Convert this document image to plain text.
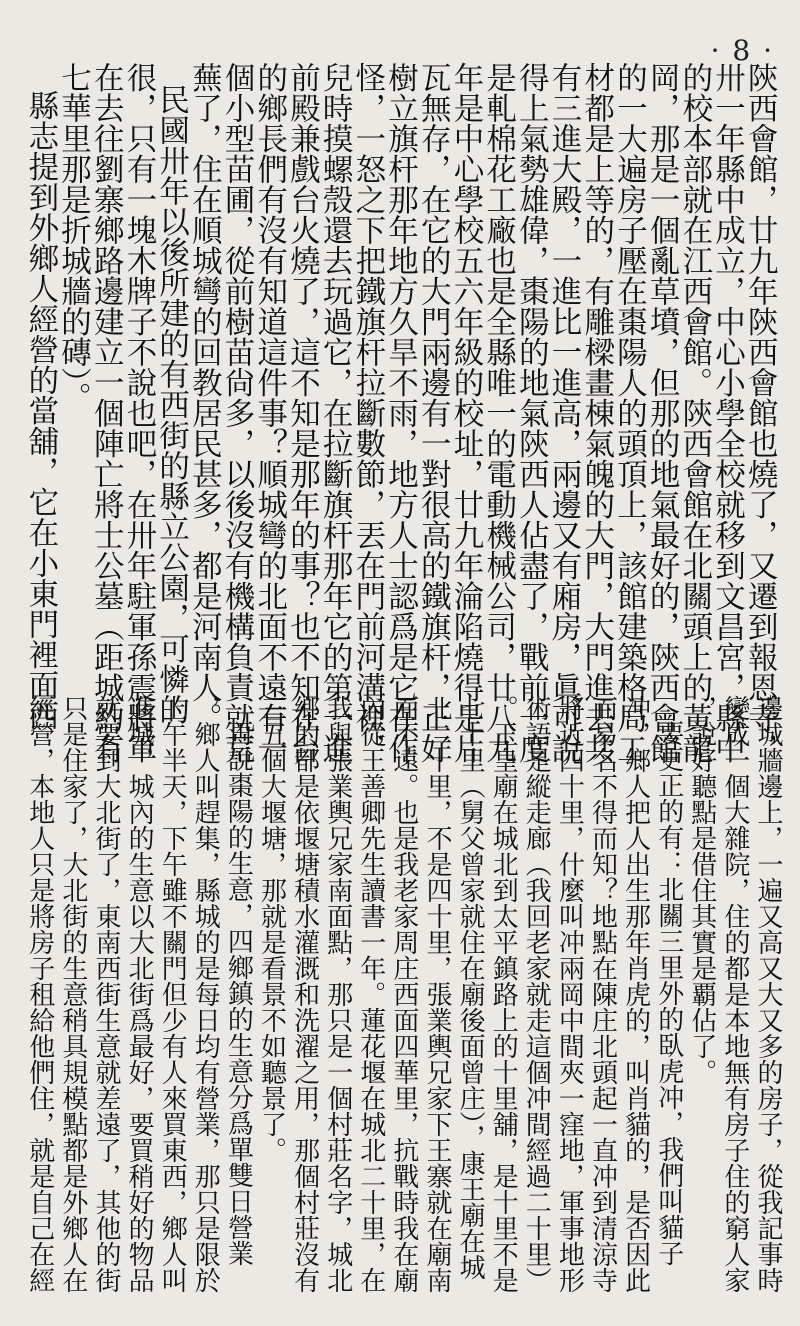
· 8 ·
陝西會館，廿九年陝西會館也燒了，又遷到報恩寺，
卅一年縣中成立，中心小學全校就移到文昌宮，縣中
的校本部就在江西會館。陝西會館在北關頭上的黃龍
岡，那是一個亂草墳，但那的地氣最好的，陝西會館
的一大遍房子壓在棗陽人的頭頂上，該館建築格局工
材都是上等的，有雕樑畫棟氣魄的大門，大門進去共
有三進大殿，一進比一進高，兩邊又有廂房，眞可說
得上氣勢雄偉，棗陽的地氣陝西人佔盡了，戰前一度
是軋棉花工廠也是全縣唯一的電動機械公司，廿八九
年是中心學校五六年級的校址，廿九年淪陷燒得是片
瓦無存，在它的大門兩邊有一對很高的鐵旗杆，正好
樹立旗杆那年地方久旱不雨，地方人士認爲是它在作
怪，一怒之下把鐵旗杆拉斷數節，丟在門前河溝裡，
兒時摸螺殼還去玩過它，在拉斷旗杆那年它的第一進
前殿兼戲台火燒了，這不知是那年的事？也不知在台
的鄉長們有沒有知道這件事？順城彎的北面不遠有一
個小型苗圃，從前樹苗尙多，以後沒有機構負責就荒
蕪了，住在順城彎的回教居民甚多，都是河南人。
民國卅年以後所建的有西街的縣立公園，可憐的
很，只有一塊木牌子不說也吧，在卅年駐軍孫震將軍
在去往劉寨鄉路邊建立一個陣亡將士公墓（距城約有
七華里那是折城牆的磚）。
縣志提到外鄉人經營的當舖，它在小東門裡面西
邊城牆邊上，一遍又高又大又多的房子，從我記事時
變成一個大雜院，住的都是本地無有房子住的窮人家
，說好聽點是借住其實是覇佔了。
要更正的有：北關三里外的臥虎冲，我們叫貓子
冲，鄉人把人出生那年肖虎的，叫肖貓的，是否因此
而易名不得而知？地點在陳庄北頭起一直冲到清涼寺
將近四十里，什麼叫冲兩岡中間夾一窪地，軍事地形
術語是縱走廊（我回老家就走這個冲間經過二十里）
。玉皇廟在城北到太平鎮路上的十里舖，是十里不是
七十里（舅父曾家就住在廟後面曾庄），康王廟在城
北二十里，不是四十里，張業輿兄家下王寨就在廟南
面不遠。也是我老家周庄西面四華里，抗戰時我在廟
內從王善卿先生讀書一年。蓮花堰在城北二十里，在
我與張業輿兄家南面點，那只是一個村莊名字，城北
鄉的都是依堰塘積水灌溉和洗濯之用，那個村莊沒有
三五個大堰塘，那就是看景不如聽景了。
再說棗陽的生意，四鄉鎮的生意分爲單雙日營業
，鄉人叫趕集，縣城的是每日均有營業，那只是限於
上午半天，下午雖不關門但少有人來買東西，鄉人叫
進城，城內的生意以大北街爲最好，要買稍好的物品
就要到大北街了，東南西街生意就差遠了，其他的街
只是住家了，大北街的生意稍具規模點都是外鄉人在
經營，本地人只是將房子租給他們住，就是自己在經
